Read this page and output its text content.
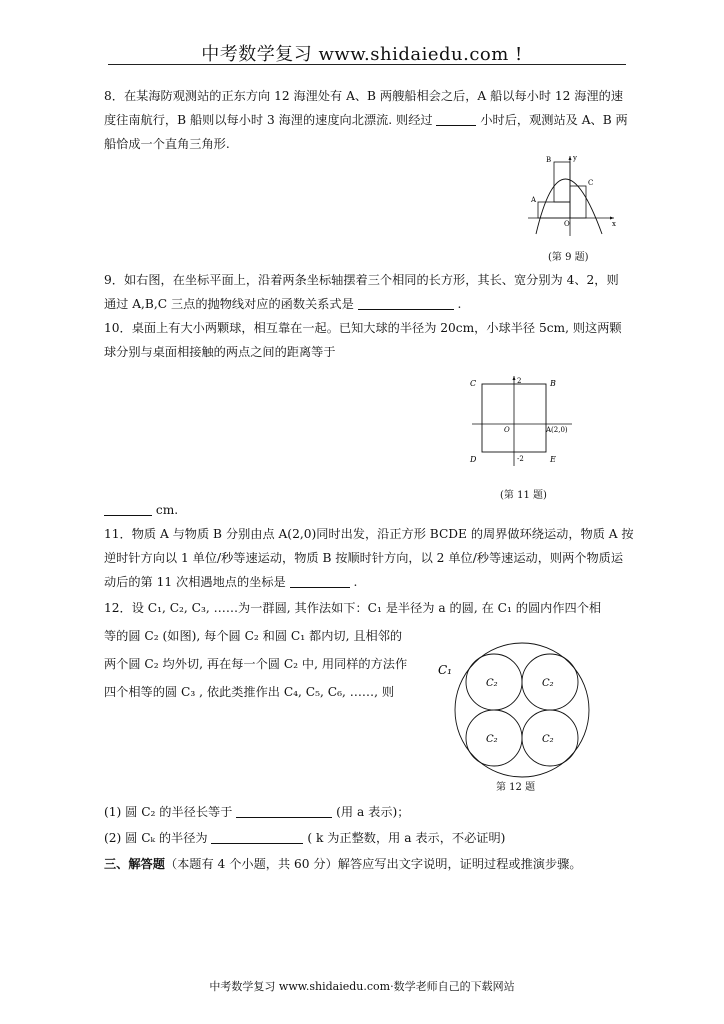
中考数学复习 www.shidaiedu.com !
8．在某海防观测站的正东方向 12 海浬处有 A、B 两艘船相会之后，A 船以每小时 12 海浬的速
度往南航行，B 船则以每小时 3 海浬的速度向北漂流. 则经过	小时后，观测站及 A、B 两
船恰成一个直角三角形.
A
B
C
O	x
y
(第 9 题)
9．如右图，在坐标平面上，沿着两条坐标轴摆着三个相同的长方形，其长、宽分别为 4、2，则
通过 A,B,C 三点的抛物线对应的函数关系式是	.
10．桌面上有大小两颗球，相互靠在一起。已知大球的半径为 20cm，小球半径 5cm, 则这两颗
球分别与桌面相接触的两点之间的距离等于
C	B
D	E
O	A(2,0)
2
-2
(第 11 题)
cm.
11．物质 A 与物质 B 分别由点 A(2,0)同时出发，沿正方形 BCDE 的周界做环绕运动，物质 A 按
逆时针方向以 1 单位/秒等速运动，物质 B 按顺时针方向，以 2 单位/秒等速运动，则两个物质运
动后的第 11 次相遇地点的坐标是	.
12．设 C₁, C₂, C₃, ……为一群圆, 其作法如下：C₁ 是半径为 a 的圆, 在 C₁ 的圆内作四个相
等的圆 C₂ (如图), 每个圆 C₂ 和圆 C₁ 都内切, 且相邻的
两个圆 C₂ 均外切, 再在每一个圆 C₂ 中, 用同样的方法作
四个相等的圆 C₃ , 依此类推作出 C₄, C₅, C₆, ……, 则
C₁
C₂	C₂
C₂	C₂
第 12 题
(1) 圆 C₂ 的半径长等于	(用 a 表示)；
(2) 圆 Cₖ 的半径为	( k 为正整数，用 a 表示，不必证明)
三、解答题（本题有 4 个小题，共 60 分）解答应写出文字说明，证明过程或推演步骤。
中考数学复习 www.shidaiedu.com·数学老师自己的下载网站
